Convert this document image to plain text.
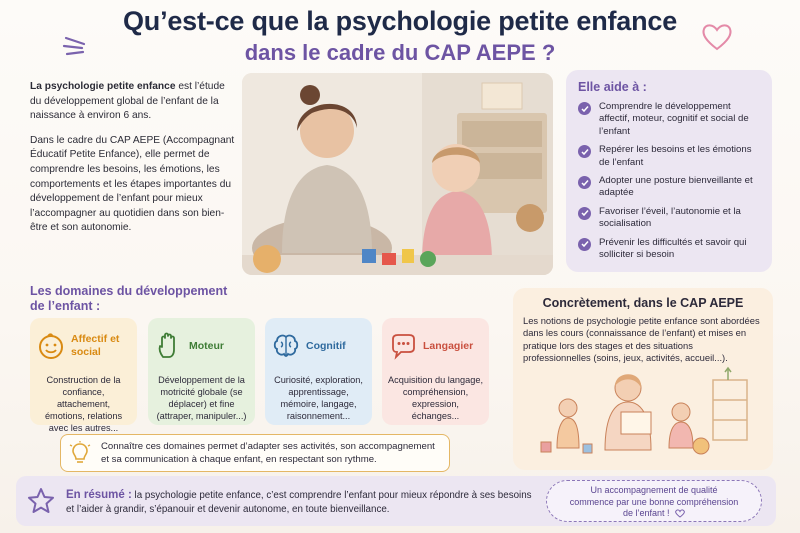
Qu’est-ce que la psychologie petite enfance
dans le cadre du CAP AEPE ?

La psychologie petite enfance est l’étude du développement global de l’enfant de la naissance à environ 6 ans.

Dans le cadre du CAP AEPE (Accompagnant Éducatif Petite Enfance), elle permet de comprendre les besoins, les émotions, les comportements et les étapes importantes du développement de l’enfant pour mieux l’accompagner au quotidien dans son bien-être et son autonomie.

Elle aide à :
Comprendre le développement affectif, moteur, cognitif et social de l’enfant
Repérer les besoins et les émotions de l’enfant
Adopter une posture bienveillante et adaptée
Favoriser l’éveil, l’autonomie et la socialisation
Prévenir les difficultés et savoir qui solliciter si besoin
Les domaines du développement
de l’enfant :
Affectif et social
Construction de la confiance, attachement, émotions, relations avec les autres...
Moteur
Développement de la motricité globale (se déplacer) et fine (attraper, manipuler...)
Cognitif
Curiosité, exploration, apprentissage, mémoire, langage, raisonnement...
Langagier
Acquisition du langage, compréhension, expression, échanges...
Connaître ces domaines permet d’adapter ses activités, son accompagnement
et sa communication à chaque enfant, en respectant son rythme.
Concrètement, dans le CAP AEPE

Les notions de psychologie petite enfance sont abordées dans les cours (connaissance de l’enfant) et mises en pratique lors des stages et des situations professionnelles (soins, jeux, activités, accueil...).

En résumé : la psychologie petite enfance, c’est comprendre l’enfant pour mieux répondre à ses besoins et l’aider à grandir, s’épanouir et devenir autonome, en toute bienveillance.
Un accompagnement de qualité
commence par une bonne compréhension
de l’enfant !
